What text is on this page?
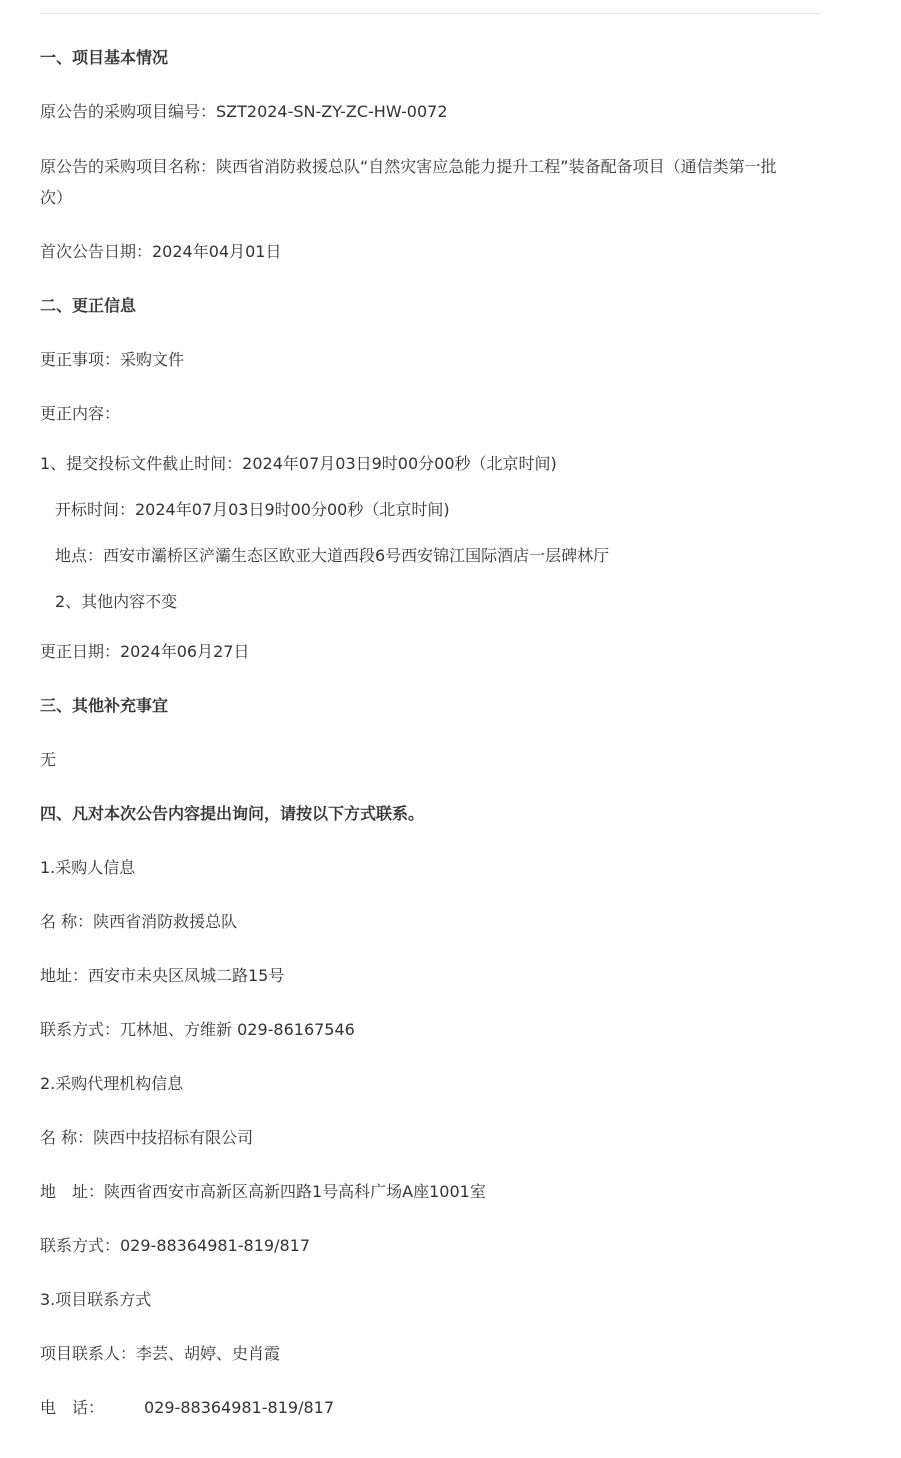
一、项目基本情况
原公告的采购项目编号：SZT2024-SN-ZY-ZC-HW-0072
原公告的采购项目名称：陕西省消防救援总队“自然灾害应急能力提升工程”装备配备项目（通信类第一批次）
首次公告日期：2024年04月01日
二、更正信息
更正事项：采购文件
更正内容：
1、提交投标文件截止时间：2024年07月03日9时00分00秒（北京时间)
开标时间：2024年07月03日9时00分00秒（北京时间)
地点：西安市灞桥区浐灞生态区欧亚大道西段6号西安锦江国际酒店一层碑林厅
2、其他内容不变
更正日期：2024年06月27日
三、其他补充事宜
无
四、凡对本次公告内容提出询问，请按以下方式联系。
1.采购人信息
名 称：陕西省消防救援总队
地址：西安市未央区凤城二路15号
联系方式：兀林旭、方维新 029-86167546
2.采购代理机构信息
名 称：陕西中技招标有限公司
地　址：陕西省西安市高新区高新四路1号高科广场A座1001室
联系方式：029-88364981-819/817
3.项目联系方式
项目联系人：李芸、胡婷、史肖霞
电　话：	029-88364981-819/817
